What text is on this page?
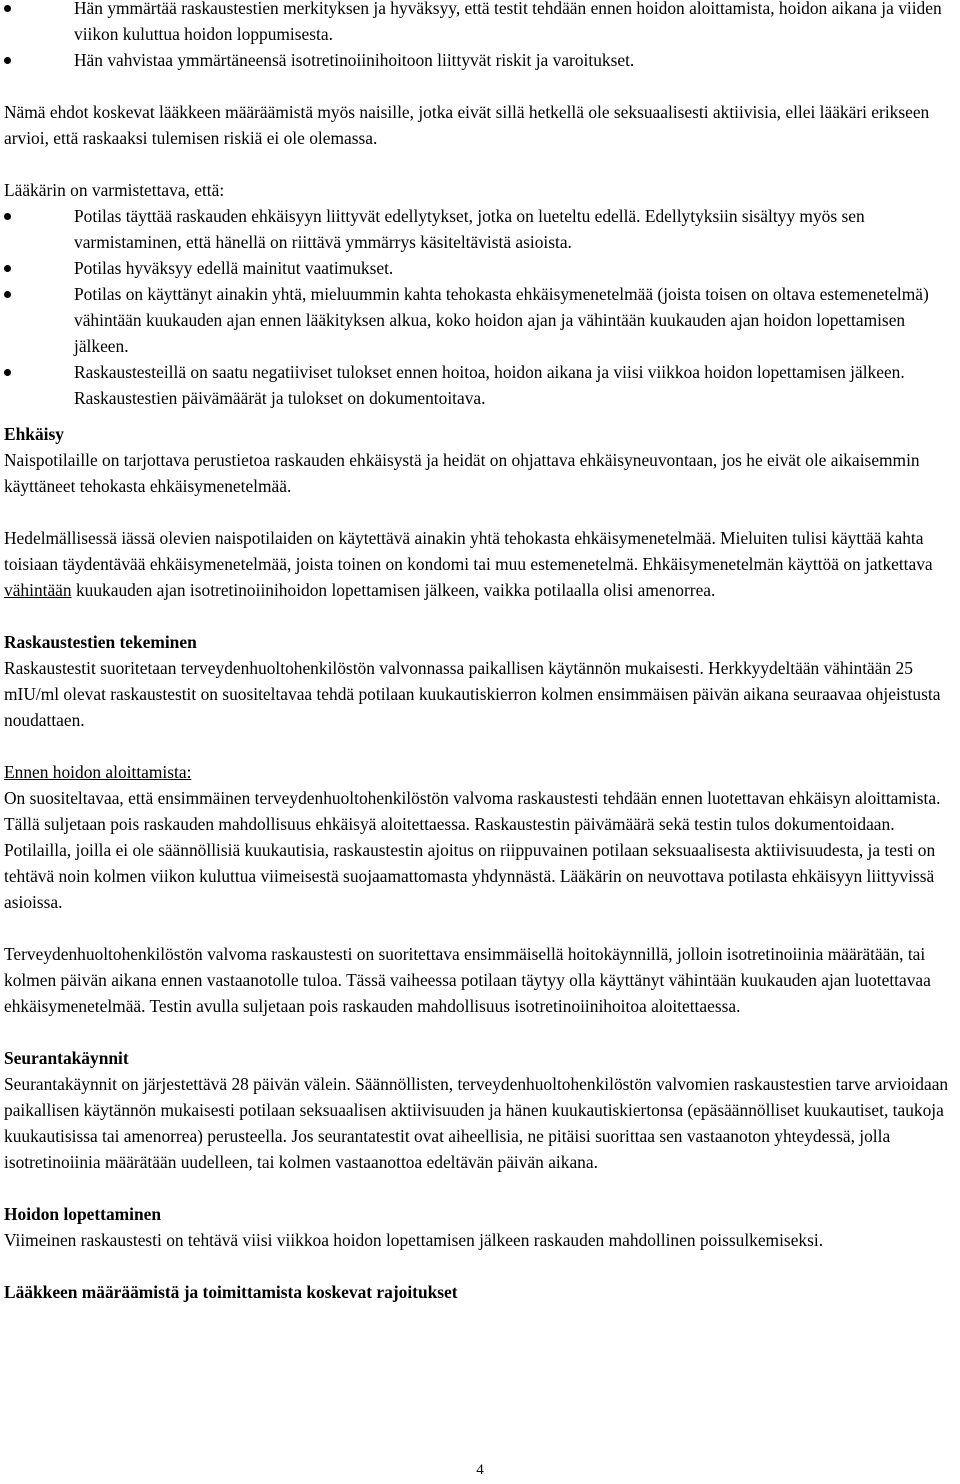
Hän ymmärtää raskaustestien merkityksen ja hyväksyy, että testit tehdään ennen hoidon aloittamista, hoidon aikana ja viiden viikon kuluttua hoidon loppumisesta.
Hän vahvistaa ymmärtäneensä isotretinoiinihoitoon liittyvät riskit ja varoitukset.

Nämä ehdot koskevat lääkkeen määräämistä myös naisille, jotka eivät sillä hetkellä ole seksuaalisesti aktiivisia, ellei lääkäri erikseen arvioi, että raskaaksi tulemisen riskiä ei ole olemassa.

Lääkärin on varmistettava, että:

Potilas täyttää raskauden ehkäisyyn liittyvät edellytykset, jotka on lueteltu edellä. Edellytyksiin sisältyy myös sen varmistaminen, että hänellä on riittävä ymmärrys käsiteltävistä asioista.
Potilas hyväksyy edellä mainitut vaatimukset.
Potilas on käyttänyt ainakin yhtä, mieluummin kahta tehokasta ehkäisymenetelmää (joista toisen on oltava estemenetelmä) vähintään kuukauden ajan ennen lääkityksen alkua, koko hoidon ajan ja vähintään kuukauden ajan hoidon lopettamisen jälkeen.
Raskaustesteillä on saatu negatiiviset tulokset ennen hoitoa, hoidon aikana ja viisi viikkoa hoidon lopettamisen jälkeen. Raskaustestien päivämäärät ja tulokset on dokumentoitava.

Ehkäisy

Naispotilaille on tarjottava perustietoa raskauden ehkäisystä ja heidät on ohjattava ehkäisyneuvontaan, jos he eivät ole aikaisemmin käyttäneet tehokasta ehkäisymenetelmää.

Hedelmällisessä iässä olevien naispotilaiden on käytettävä ainakin yhtä tehokasta ehkäisymenetelmää. Mieluiten tulisi käyttää kahta toisiaan täydentävää ehkäisymenetelmää, joista toinen on kondomi tai muu estemenetelmä. Ehkäisymenetelmän käyttöä on jatkettava vähintään kuukauden ajan isotretinoiinihoidon lopettamisen jälkeen, vaikka potilaalla olisi amenorrea.

Raskaustestien tekeminen

Raskaustestit suoritetaan terveydenhuoltohenkilöstön valvonnassa paikallisen käytännön mukaisesti. Herkkyydeltään vähintään 25 mIU/ml olevat raskaustestit on suositeltavaa tehdä potilaan kuukautiskierron kolmen ensimmäisen päivän aikana seuraavaa ohjeistusta noudattaen.

Ennen hoidon aloittamista:

On suositeltavaa, että ensimmäinen terveydenhuoltohenkilöstön valvoma raskaustesti tehdään ennen luotettavan ehkäisyn aloittamista. Tällä suljetaan pois raskauden mahdollisuus ehkäisyä aloitettaessa. Raskaustestin päivämäärä sekä testin tulos dokumentoidaan. Potilailla, joilla ei ole säännöllisiä kuukautisia, raskaustestin ajoitus on riippuvainen potilaan seksuaalisesta aktiivisuudesta, ja testi on tehtävä noin kolmen viikon kuluttua viimeisestä suojaamattomasta yhdynnästä. Lääkärin on neuvottava potilasta ehkäisyyn liittyvissä asioissa.

Terveydenhuoltohenkilöstön valvoma raskaustesti on suoritettava ensimmäisellä hoitokäynnillä, jolloin isotretinoiinia määrätään, tai kolmen päivän aikana ennen vastaanotolle tuloa. Tässä vaiheessa potilaan täytyy olla käyttänyt vähintään kuukauden ajan luotettavaa ehkäisymenetelmää. Testin avulla suljetaan pois raskauden mahdollisuus isotretinoiinihoitoa aloitettaessa.

Seurantakäynnit

Seurantakäynnit on järjestettävä 28 päivän välein. Säännöllisten, terveydenhuoltohenkilöstön valvomien raskaustestien tarve arvioidaan paikallisen käytännön mukaisesti potilaan seksuaalisen aktiivisuuden ja hänen kuukautiskiertonsa (epäsäännölliset kuukautiset, taukoja kuukautisissa tai amenorrea) perusteella. Jos seurantatestit ovat aiheellisia, ne pitäisi suorittaa sen vastaanoton yhteydessä, jolla isotretinoiinia määrätään uudelleen, tai kolmen vastaanottoa edeltävän päivän aikana.

Hoidon lopettaminen

Viimeinen raskaustesti on tehtävä viisi viikkoa hoidon lopettamisen jälkeen raskauden mahdollinen poissulkemiseksi.

Lääkkeen määräämistä ja toimittamista koskevat rajoitukset

4
